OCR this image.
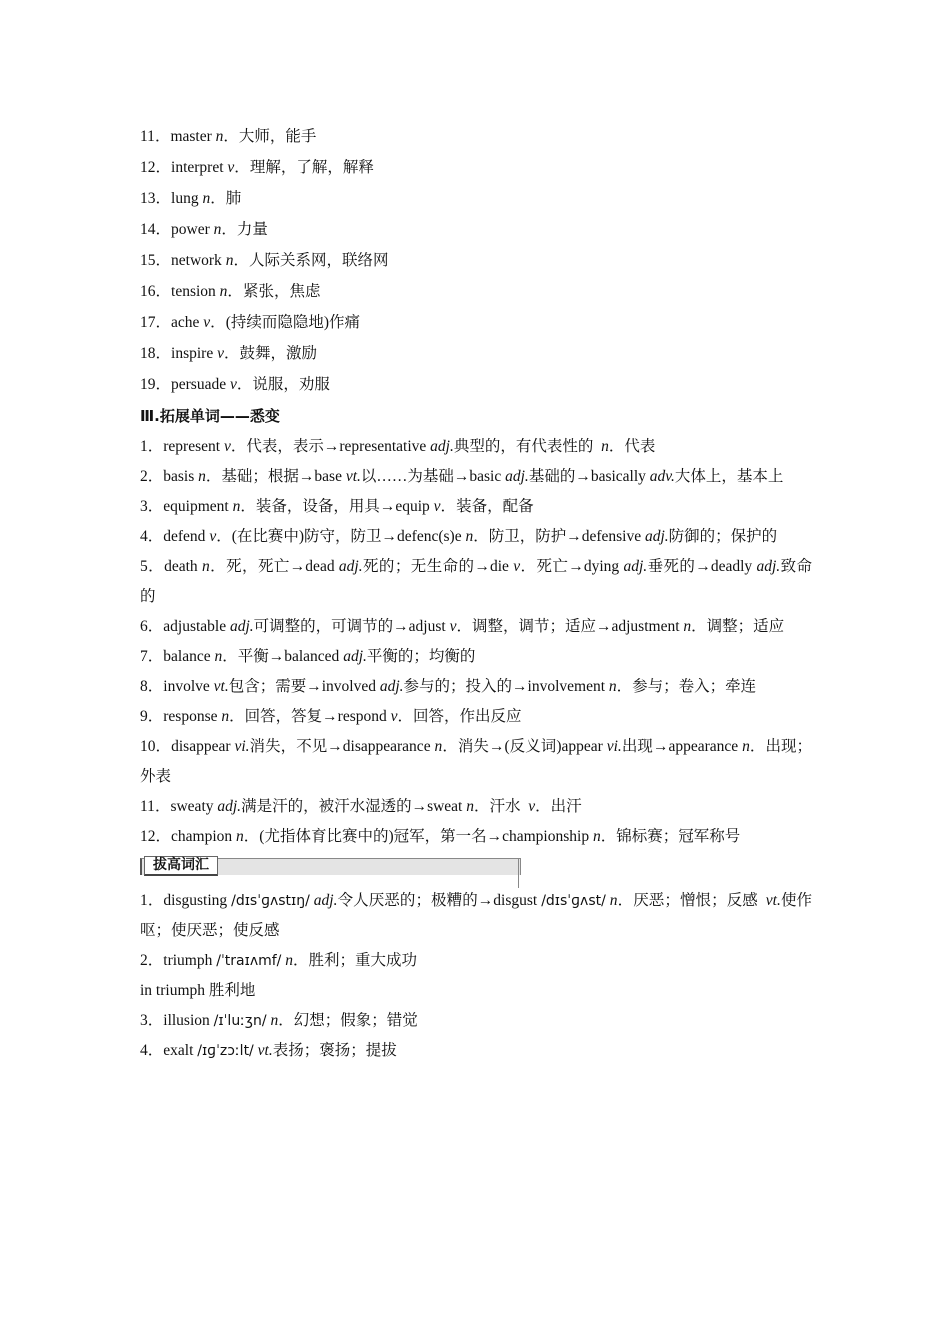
11．master n．大师，能手
12．interpret v．理解，了解，解释
13．lung n．肺
14．power n．力量
15．network n．人际关系网，联络网
16．tension n．紧张，焦虑
17．ache v．(持续而隐隐地)作痛
18．inspire v．鼓舞，激励
19．persuade v．说服，劝服
Ⅲ.拓展单词——悉变
1．represent v．代表，表示→representative adj.典型的，有代表性的 n．代表
2．basis n．基础；根据→base vt.以……为基础→basic adj.基础的→basically adv.大体上，基本上
3．equipment n．装备，设备，用具→equip v．装备，配备
4．defend v．(在比赛中)防守，防卫→defenc(s)e n．防卫，防护→defensive adj.防御的；保护的
5．death n．死，死亡→dead adj.死的；无生命的→die v．死亡→dying adj.垂死的→deadly adj.致命的
6．adjustable adj.可调整的，可调节的→adjust v．调整，调节；适应→adjustment n．调整；适应
7．balance n．平衡→balanced adj.平衡的；均衡的
8．involve vt.包含；需要→involved adj.参与的；投入的→involvement n．参与；卷入；牵连
9．response n．回答，答复→respond v．回答，作出反应
10．disappear vi.消失，不见→disappearance n．消失→(反义词)appear vi.出现→appearance n．出现；外表
11．sweaty adj.满是汗的，被汗水湿透的→sweat n．汗水 v．出汗
12．champion n．(尤指体育比赛中的)冠军，第一名→championship n．锦标赛；冠军称号
拔高词汇
1．disgusting /dɪsˈɡʌstɪŋ/ adj.令人厌恶的；极糟的→disgust /dɪsˈɡʌst/ n．厌恶；憎恨；反感 vt.使作呕；使厌恶；使反感
2．triumph /ˈtraɪʌmf/ n．胜利；重大成功
in triumph 胜利地
3．illusion /ɪˈluːʒn/ n．幻想；假象；错觉
4．exalt /ɪɡˈzɔːlt/ vt.表扬；褒扬；提拔
